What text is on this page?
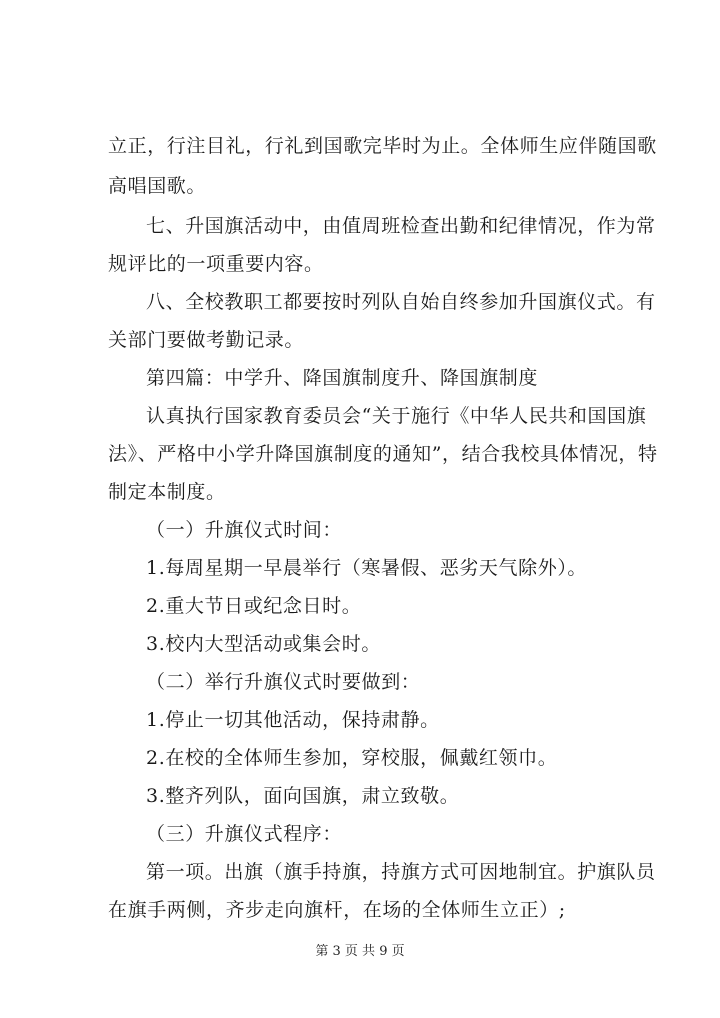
立正，行注目礼，行礼到国歌完毕时为止。全体师生应伴随国歌
高唱国歌。
七、升国旗活动中，由值周班检查出勤和纪律情况，作为常
规评比的一项重要内容。
八、全校教职工都要按时列队自始自终参加升国旗仪式。有
关部门要做考勤记录。
第四篇：中学升、降国旗制度升、降国旗制度
认真执行国家教育委员会“关于施行《中华人民共和国国旗
法》、严格中小学升降国旗制度的通知”，结合我校具体情况，特
制定本制度。
（一）升旗仪式时间：
1.每周星期一早晨举行（寒暑假、恶劣天气除外）。
2.重大节日或纪念日时。
3.校内大型活动或集会时。
（二）举行升旗仪式时要做到：
1.停止一切其他活动，保持肃静。
2.在校的全体师生参加，穿校服，佩戴红领巾。
3.整齐列队，面向国旗，肃立致敬。
（三）升旗仪式程序：
第一项。出旗（旗手持旗，持旗方式可因地制宜。护旗队员
在旗手两侧，齐步走向旗杆，在场的全体师生立正）;
第 3 页 共 9 页
